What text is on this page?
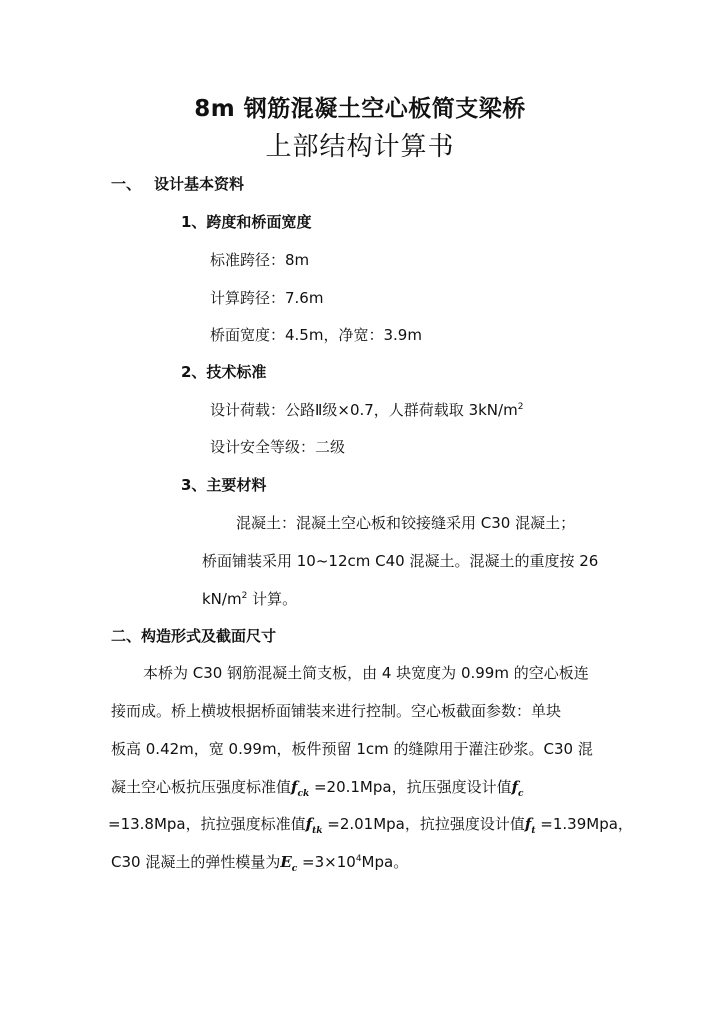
8m 钢筋混凝土空心板简支梁桥
上部结构计算书
一、 设计基本资料
1、跨度和桥面宽度
标准跨径：8m
计算跨径：7.6m
桥面宽度：4.5m，净宽：3.9m
2、技术标准
设计荷载：公路Ⅱ级×0.7，人群荷载取 $3kN/m^2$
设计安全等级：二级
3、主要材料
混凝土：混凝土空心板和铰接缝采用 C30 混凝土；
桥面铺装采用 10~12cm C40 混凝土。混凝土的重度按 26
$kN/m^2$ 计算。
二、构造形式及截面尺寸
本桥为 C30 钢筋混凝土简支板，由 4 块宽度为 0.99m 的空心板连
接而成。桥上横坡根据桥面铺装来进行控制。空心板截面参数：单块
板高 0.42m，宽 0.99m，板件预留 1cm 的缝隙用于灌注砂浆。C30 混
凝土空心板抗压强度标准值$f_{ck} =20.1Mpa$，抗压强度设计值$f_c$
=13.8Mpa，抗拉强度标准值$f_{tk} =2.01Mpa$，抗拉强度设计值$f_t =1.39Mpa$，
C30 混凝土的弹性模量为$E_c =3\times 10^4Mpa$。
